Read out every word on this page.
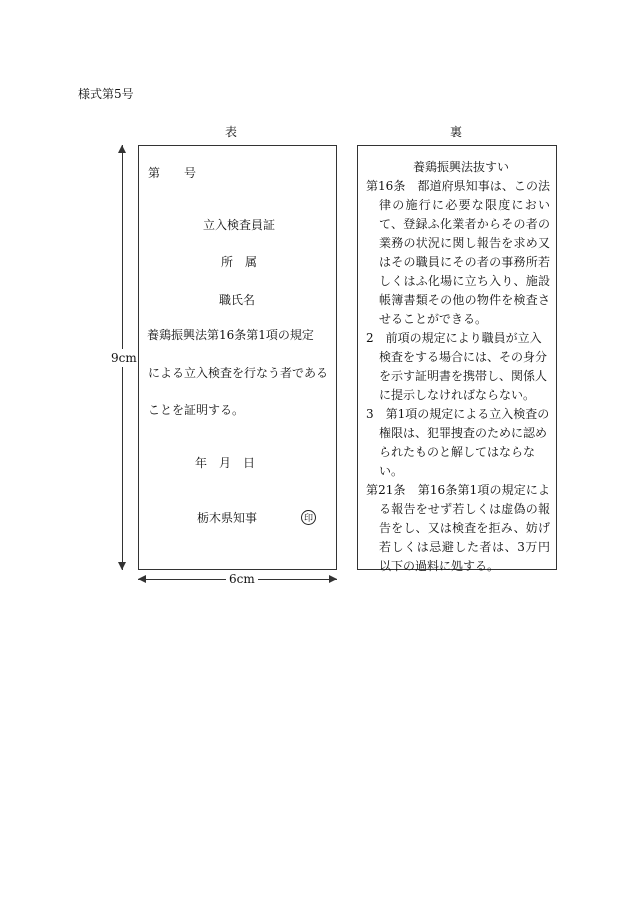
様式第5号
表	裏
9cm
第　　号
立入検査員証
所　属
職氏名
養鶏振興法第16条第1項の規定
による立入検査を行なう者である
ことを証明する。
年　月　日
栃木県知事	印
養鶏振興法抜すい
第16条　都道府県知事は、この法律の施行に必要な限度において、登録ふ化業者からその者の業務の状況に関し報告を求め又はその職員にその者の事務所若しくはふ化場に立ち入り、施設帳簿書類その他の物件を検査させることができる。
2　前項の規定により職員が立入検査をする場合には、その身分を示す証明書を携帯し、関係人に提示しなければならない。
3　第1項の規定による立入検査の権限は、犯罪捜査のために認められたものと解してはならない。
第21条　第16条第1項の規定による報告をせず若しくは虚偽の報告をし、又は検査を拒み、妨げ若しくは忌避した者は、3万円以下の過料に処する。
6cm
